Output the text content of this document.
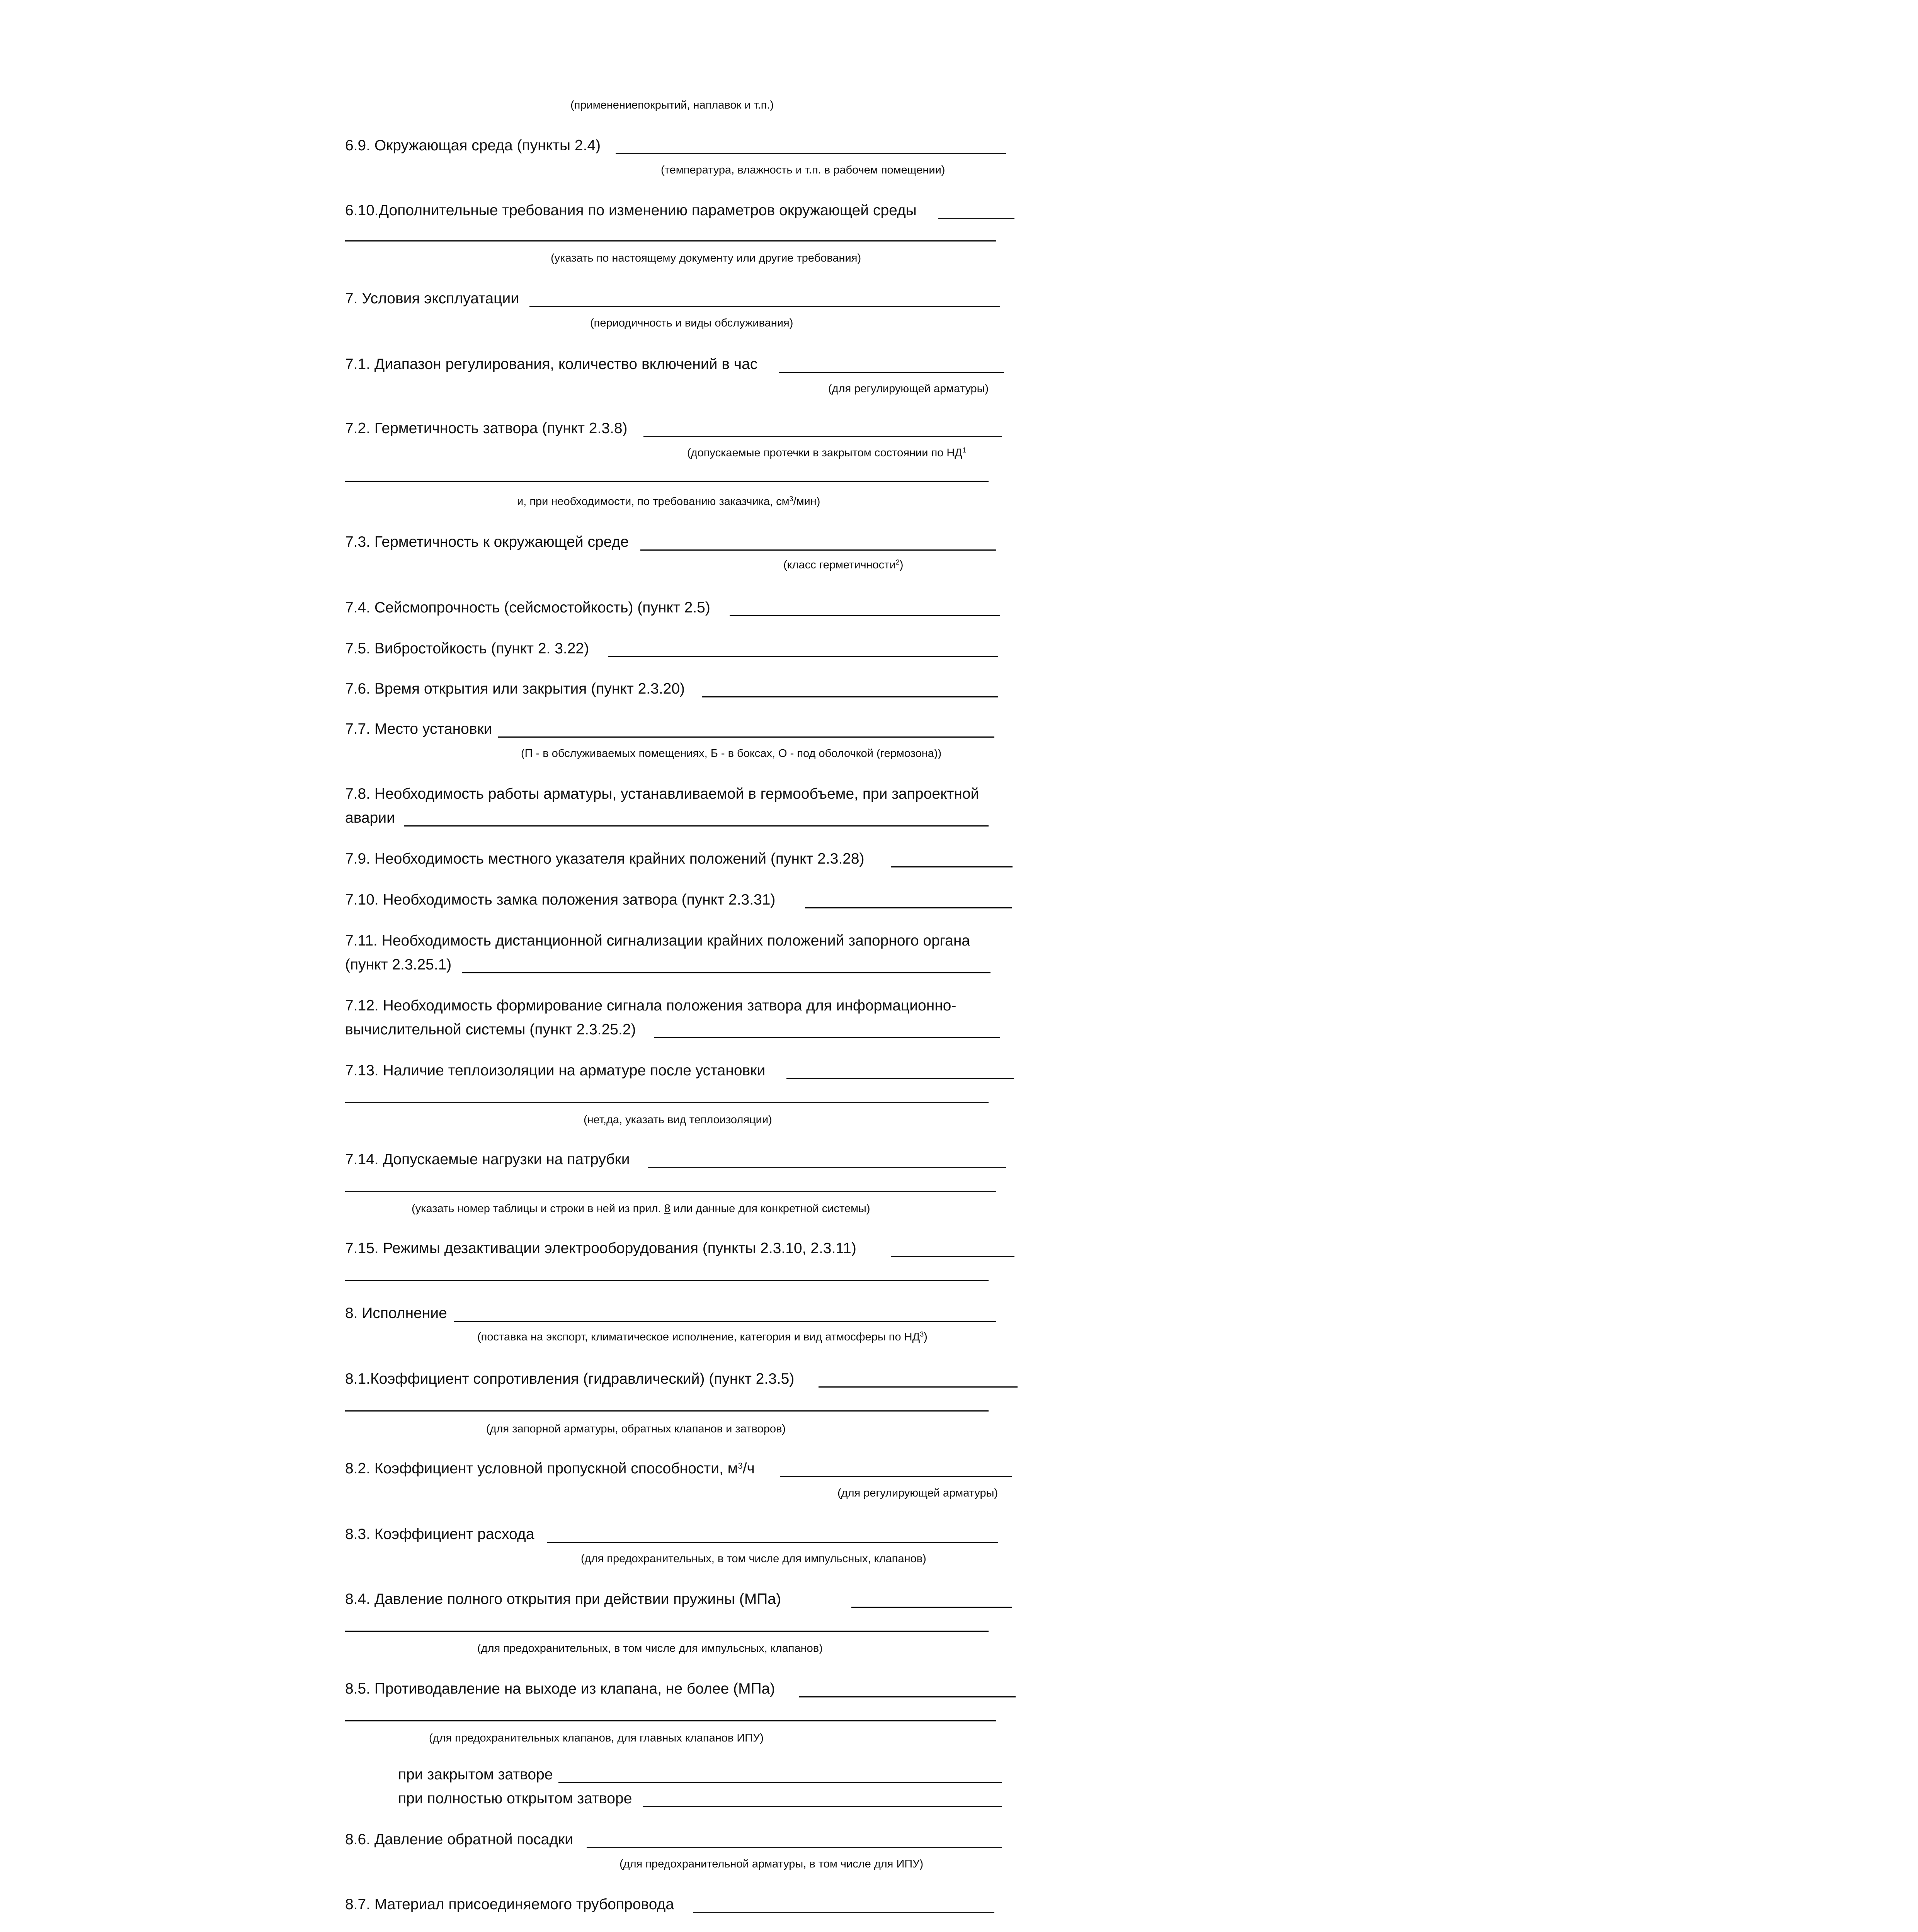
(применениепокрытий, наплавок и т.п.)
6.9. Окружающая среда (пункты 2.4)
(температура, влажность и т.п. в рабочем помещении)
6.10.Дополнительные требования по изменению параметров окружающей среды
(указать по настоящему документу или другие требования)
7. Условия эксплуатации
(периодичность и виды обслуживания)
7.1. Диапазон регулирования, количество включений в час
(для регулирующей арматуры)
7.2. Герметичность затвора (пункт 2.3.8)
(допускаемые протечки в закрытом состоянии по $НД^1$
и, при необходимости, по требованию заказчика, $см^3/мин$)
7.3. Герметичность к окружающей среде
(класс герметичности$^2$)
7.4. Сейсмопрочность (сейсмостойкость) (пункт 2.5)
7.5. Вибростойкость (пункт 2. 3.22)
7.6. Время открытия или закрытия (пункт 2.3.20)
7.7. Место установки
(П - в обслуживаемых помещениях, Б - в боксах, О - под оболочкой (гермозона))
7.8. Необходимость работы арматуры, устанавливаемой в гермообъеме, при запроектной
аварии
7.9. Необходимость местного указателя крайних положений (пункт 2.3.28)
7.10. Необходимость замка положения затвора (пункт 2.3.31)
7.11. Необходимость дистанционной сигнализации крайних положений запорного органа
(пункт 2.3.25.1)
7.12. Необходимость формирование сигнала положения затвора для информационно-
вычислительной системы (пункт 2.3.25.2)
7.13. Наличие теплоизоляции на арматуре после установки
(нет,да, указать вид теплоизоляции)
7.14. Допускаемые нагрузки на патрубки
(указать номер таблицы и строки в ней из прил. 8 или данные для конкретной системы)
7.15. Режимы дезактивации электрооборудования (пункты 2.3.10, 2.3.11)
8. Исполнение
(поставка на экспорт, климатическое исполнение, категория и вид атмосферы по $НД^3$)
8.1.Коэффициент сопротивления (гидравлический) (пункт 2.3.5)
(для запорной арматуры, обратных клапанов и затворов)
8.2. Коэффициент условной пропускной способности, $м^3/ч$
(для регулирующей арматуры)
8.3. Коэффициент расхода
(для предохранительных, в том числе для импульсных, клапанов)
8.4. Давление полного открытия при действии пружины (МПа)
(для предохранительных, в том числе для импульсных, клапанов)
8.5. Противодавление на выходе из клапана, не более (МПа)
(для предохранительных клапанов, для главных клапанов ИПУ)
при закрытом затворе
при полностью открытом затворе
8.6. Давление обратной посадки
(для предохранительной арматуры, в том числе для ИПУ)
8.7. Материал присоединяемого трубопровода
